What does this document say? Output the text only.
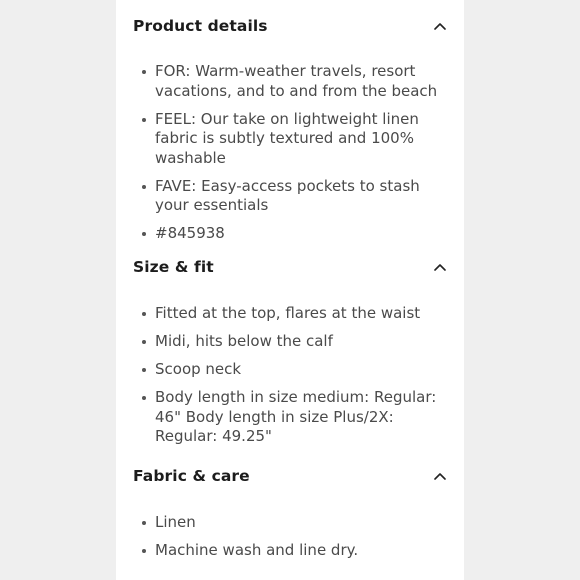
Product details
FOR: Warm-weather travels, resort vacations, and to and from the beach
FEEL: Our take on lightweight linen fabric is subtly textured and 100% washable
FAVE: Easy-access pockets to stash your essentials
#845938
Size & fit
Fitted at the top, flares at the waist
Midi, hits below the calf
Scoop neck
Body length in size medium: Regular: 46" Body length in size Plus/2X: Regular: 49.25"
Fabric & care
Linen
Machine wash and line dry.
